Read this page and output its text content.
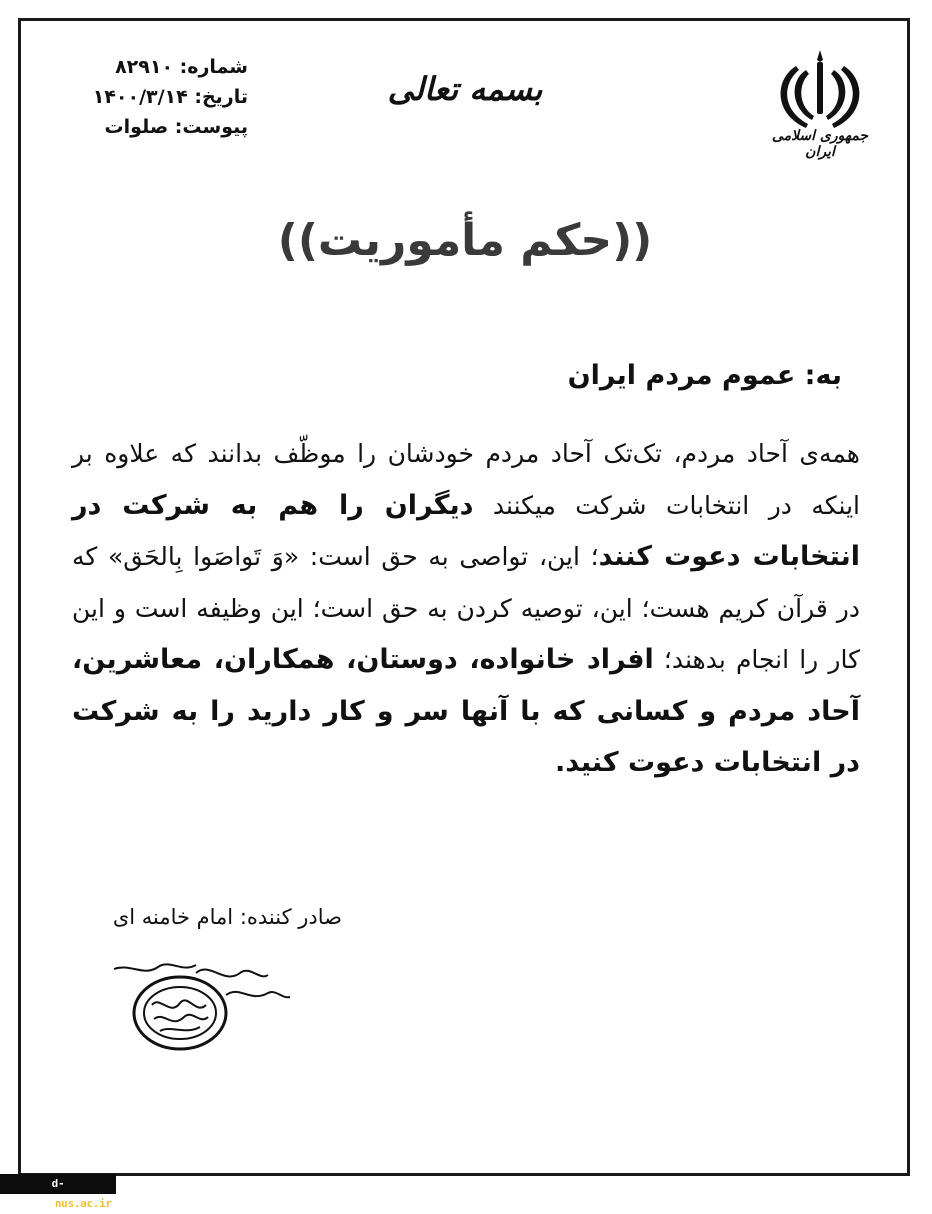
شماره: ۸۲۹۱۰
تاریخ: ۱۴۰۰/۳/۱۴
پیوست: صلوات
بسمه تعالی
جمهوری اسلامی ایران
((حکم مأموریت))
به: عموم مردم ایران
همه‌ی آحاد مردم، تک‌تک آحاد مردم خودشان را موظّف بدانند که علاوه بر اینکه در انتخابات شرکت میکنند دیگران را هم به شرکت در انتخابات دعوت کنند؛ این، تواصی به حق است: «وَ تَواصَوا بِالحَق» که در قرآن کریم هست؛ این، توصیه کردن به حق است؛ این وظیفه است و این کار را انجام بدهند؛ افراد خانواده، دوستان، همکاران، معاشرین، آحاد مردم و کسانی که با آنها سر و کار دارید را به شرکت در انتخابات دعوت کنید.
صادر کننده: امام خامنه ای
d-zahedan.nus.ac.ir
